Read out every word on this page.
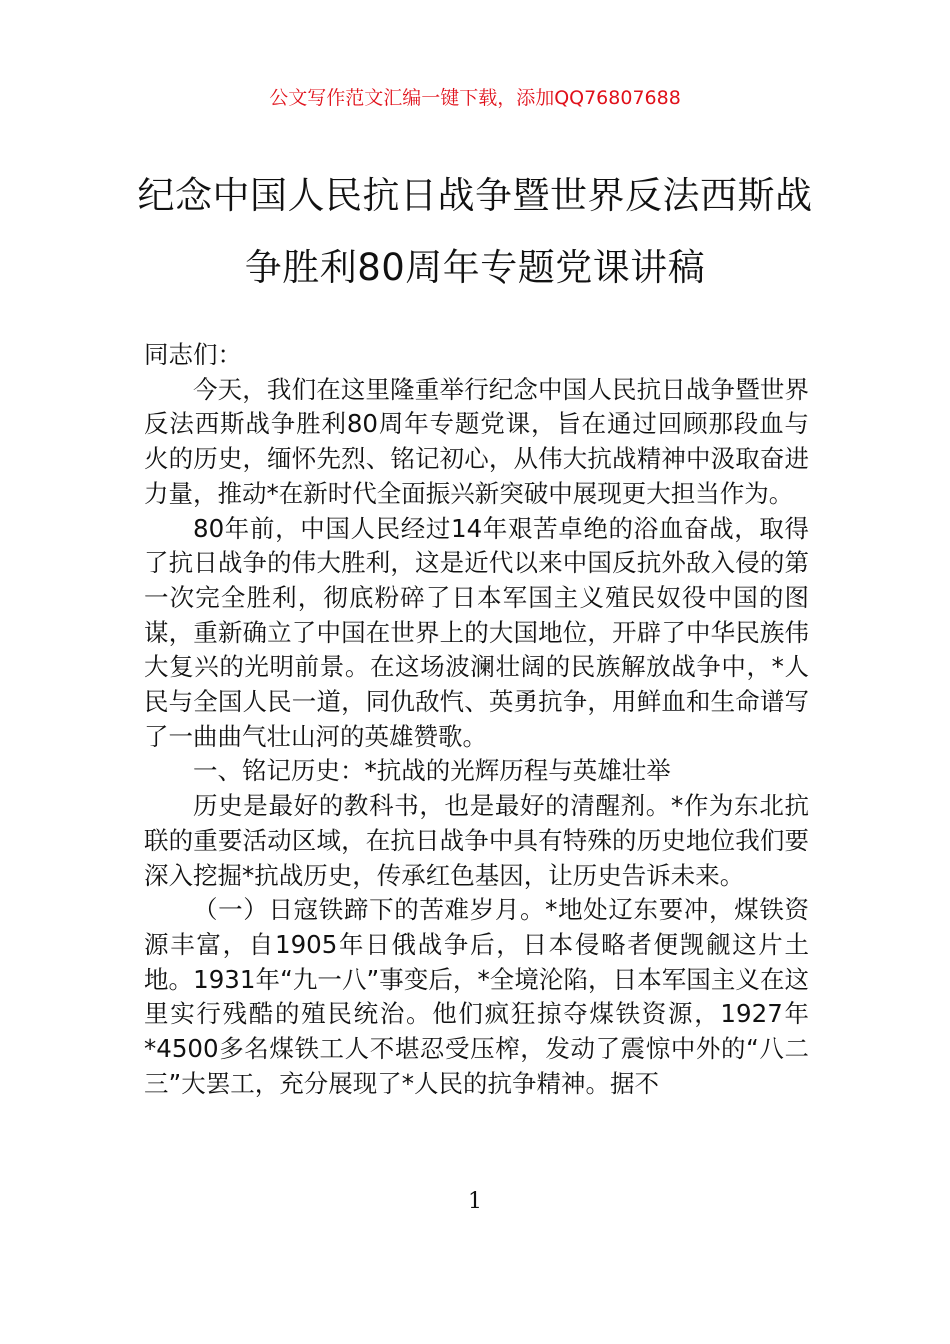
公文写作范文汇编一键下载，添加QQ76807688
纪念中国人民抗日战争暨世界反法西斯战
争胜利80周年专题党课讲稿

同志们：

今天，我们在这里隆重举行纪念中国人民抗日战争暨世界反法西斯战争胜利80周年专题党课，旨在通过回顾那段血与火的历史，缅怀先烈、铭记初心，从伟大抗战精神中汲取奋进力量，推动*在新时代全面振兴新突破中展现更大担当作为。

80年前，中国人民经过14年艰苦卓绝的浴血奋战，取得了抗日战争的伟大胜利，这是近代以来中国反抗外敌入侵的第一次完全胜利，彻底粉碎了日本军国主义殖民奴役中国的图谋，重新确立了中国在世界上的大国地位，开辟了中华民族伟大复兴的光明前景。在这场波澜壮阔的民族解放战争中，*人民与全国人民一道，同仇敌忾、英勇抗争，用鲜血和生命谱写了一曲曲气壮山河的英雄赞歌。

一、铭记历史：*抗战的光辉历程与英雄壮举

历史是最好的教科书，也是最好的清醒剂。*作为东北抗联的重要活动区域，在抗日战争中具有特殊的历史地位我们要深入挖掘*抗战历史，传承红色基因，让历史告诉未来。

（一）日寇铁蹄下的苦难岁月。*地处辽东要冲，煤铁资源丰富，自1905年日俄战争后，日本侵略者便觊觎这片土地。1931年“九一八”事变后，*全境沦陷，日本军国主义在这里实行残酷的殖民统治。他们疯狂掠夺煤铁资源，1927年*4500多名煤铁工人不堪忍受压榨，发动了震惊中外的“八二三”大罢工，充分展现了*人民的抗争精神。据不

1
